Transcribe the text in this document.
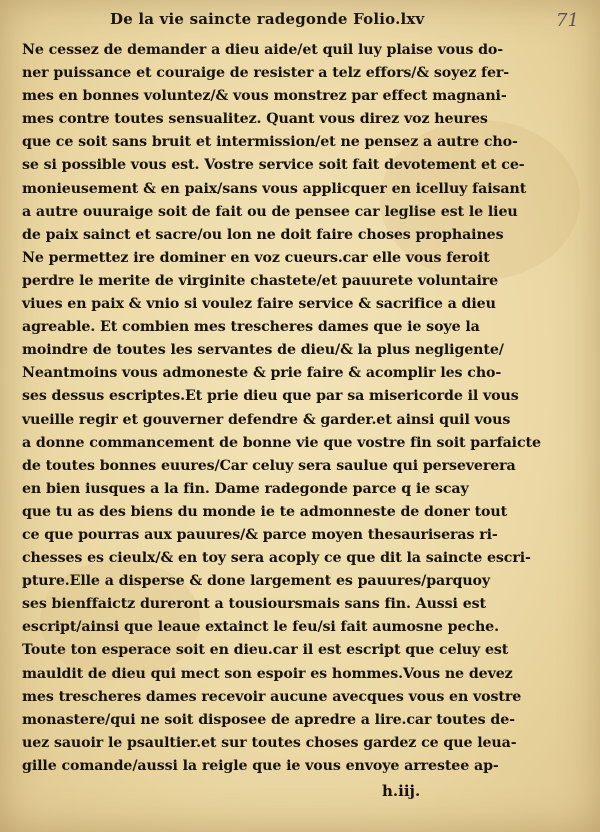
71
De la vie saincte radegonde Folio.lxv
Ne cessez de demander a dieu aide/et quil luy plaise vous do-
ner puissance et couraige de resister a telz effors/& soyez fer-
mes en bonnes voluntez/& vous monstrez par effect magnani-
mes contre toutes sensualitez. Quant vous direz voz heures
que ce soit sans bruit et intermission/et ne pensez a autre cho-
se si possible vous est. Vostre service soit fait devotement et ce-
monieusement & en paix/sans vous applicquer en icelluy faisant
a autre ouuraige soit de fait ou de pensee car leglise est le lieu
de paix sainct et sacre/ou lon ne doit faire choses prophaines
Ne permettez ire dominer en voz cueurs.car elle vous feroit
perdre le merite de virginite chastete/et pauurete voluntaire
viues en paix & vnio si voulez faire service & sacrifice a dieu
agreable. Et combien mes trescheres dames que ie soye la
moindre de toutes les servantes de dieu/& la plus negligente/
Neantmoins vous admoneste & prie faire & acomplir les cho-
ses dessus escriptes.Et prie dieu que par sa misericorde il vous
vueille regir et gouverner defendre & garder.et ainsi quil vous
a donne commancement de bonne vie que vostre fin soit parfaicte
de toutes bonnes euures/Car celuy sera saulue qui perseverera
en bien iusques a la fin. Dame radegonde parce q ie scay
que tu as des biens du monde ie te admonneste de doner tout
ce que pourras aux pauures/& parce moyen thesauriseras ri-
chesses es cieulx/& en toy sera acoply ce que dit la saincte escri-
pture.Elle a disperse & done largement es pauures/parquoy
ses bienffaictz dureront a tousioursmais sans fin. Aussi est
escript/ainsi que leaue extainct le feu/si fait aumosne peche.
Toute ton esperace soit en dieu.car il est escript que celuy est
mauldit de dieu qui mect son espoir es hommes.Vous ne devez
mes trescheres dames recevoir aucune avecques vous en vostre
monastere/qui ne soit disposee de apredre a lire.car toutes de-
uez sauoir le psaultier.et sur toutes choses gardez ce que leua-
gille comande/aussi la reigle que ie vous envoye arrestee ap-
h.iij.
